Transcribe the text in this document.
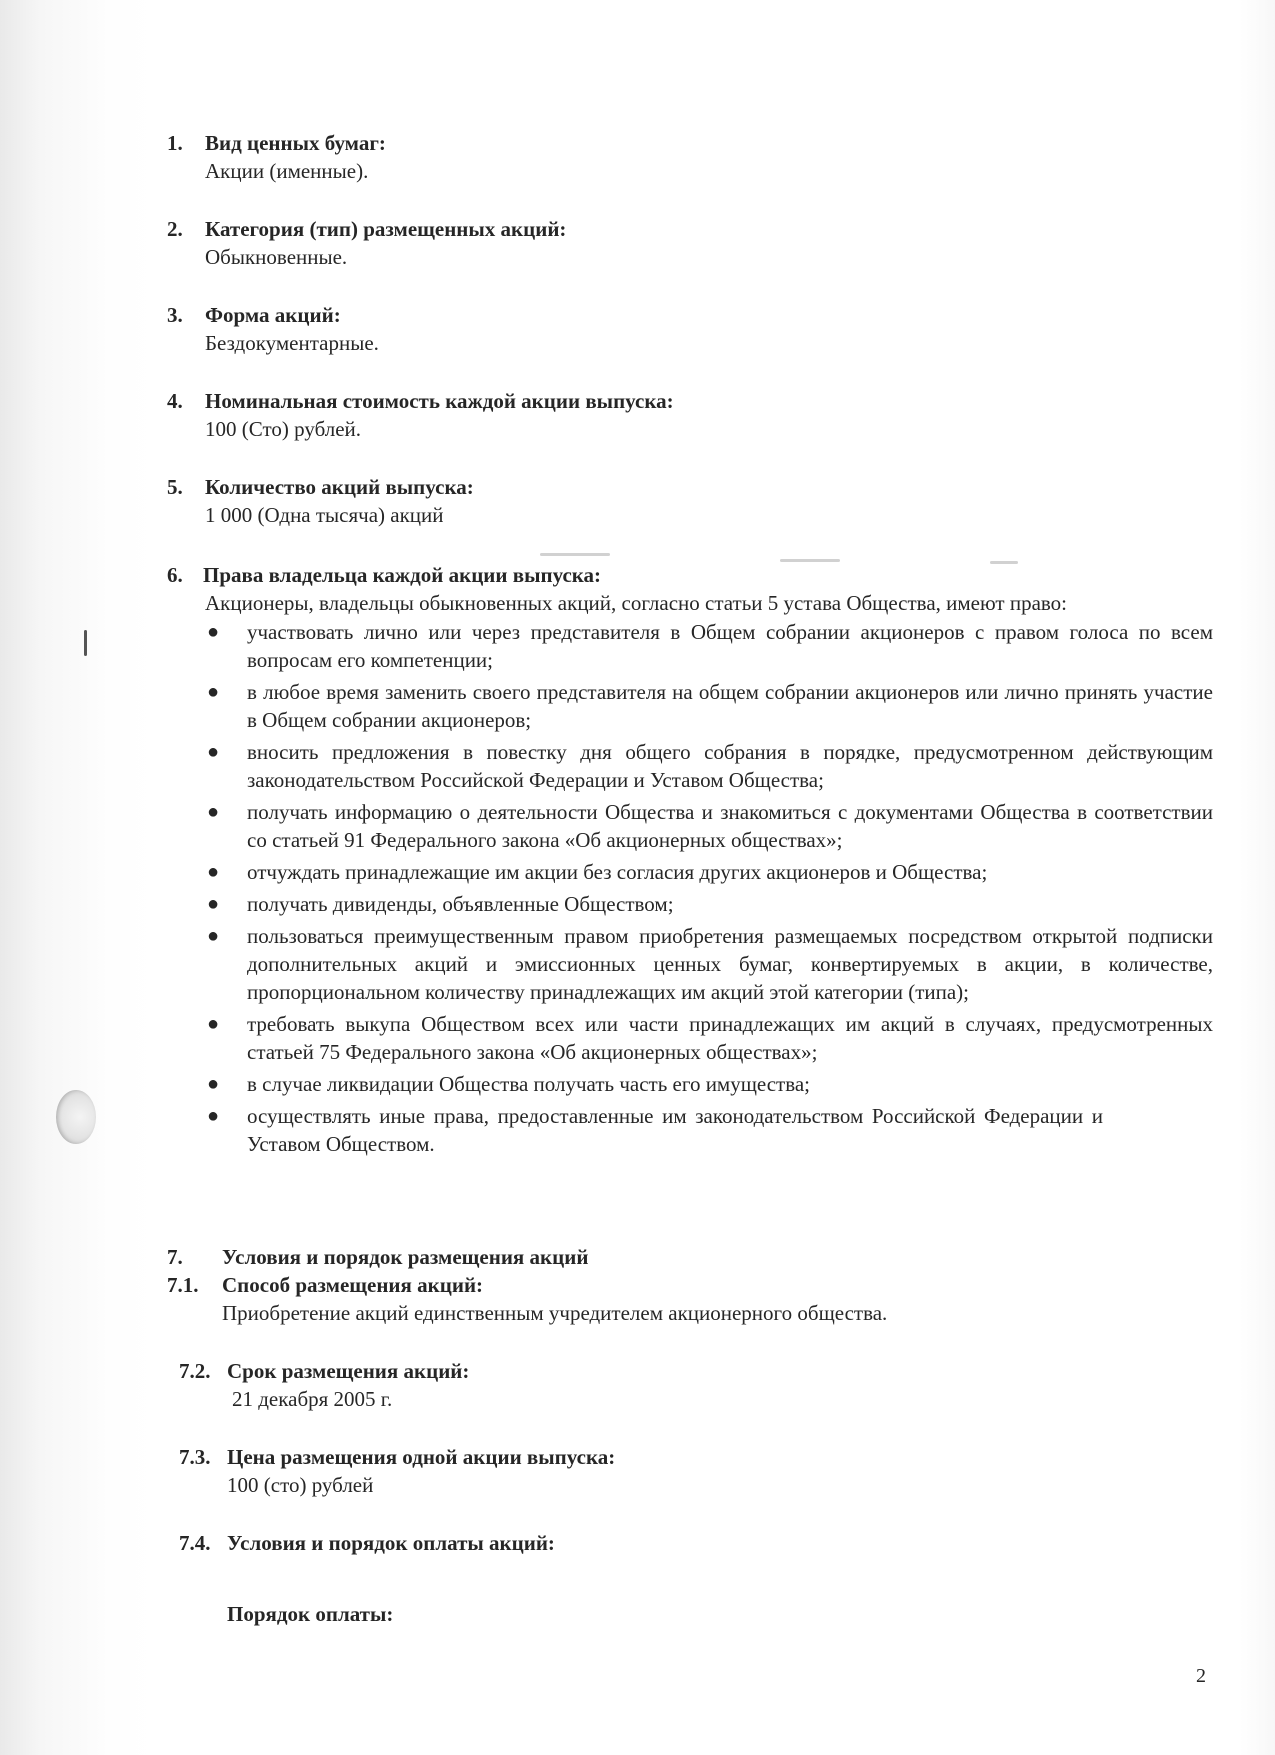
1. Вид ценных бумаг:
Акции (именные).
2. Категория (тип) размещенных акций:
Обыкновенные.
3. Форма акций:
Бездокументарные.
4. Номинальная стоимость каждой акции выпуска:
100 (Сто) рублей.
5. Количество акций выпуска:
1 000 (Одна тысяча) акций
6. Права владельца каждой акции выпуска:

Акционеры, владельцы обыкновенных акций, согласно статьи 5 устава Общества, имеют право:

● участвовать лично или через представителя в Общем собрании акционеров с правом голоса по всем вопросам его компетенции;
● в любое время заменить своего представителя на общем собрании акционеров или лично принять участие в Общем собрании акционеров;
● вносить предложения в повестку дня общего собрания в порядке, предусмотренном действующим законодательством Российской Федерации и Уставом Общества;
● получать информацию о деятельности Общества и знакомиться с документами Общества в соответствии со статьей 91 Федерального закона «Об акционерных обществах»;
● отчуждать принадлежащие им акции без согласия других акционеров и Общества;
● получать дивиденды, объявленные Обществом;
● пользоваться преимущественным правом приобретения размещаемых посредством открытой подписки дополнительных акций и эмиссионных ценных бумаг, конвертируемых в акции, в количестве, пропорциональном количеству принадлежащих им акций этой категории (типа);
● требовать выкупа Обществом всех или части принадлежащих им акций в случаях, предусмотренных статьей 75 Федерального закона «Об акционерных обществах»;
● в случае ликвидации Общества получать часть его имущества;
● осуществлять иные права, предоставленные им законодательством Российской Федерации и Уставом Обществом.
7. Условия и порядок размещения акций
7.1. Способ размещения акций:
Приобретение акций единственным учредителем акционерного общества.
7.2. Срок размещения акций:
21 декабря 2005 г.
7.3. Цена размещения одной акции выпуска:
100 (сто) рублей
7.4. Условия и порядок оплаты акций:
Порядок оплаты:
2
